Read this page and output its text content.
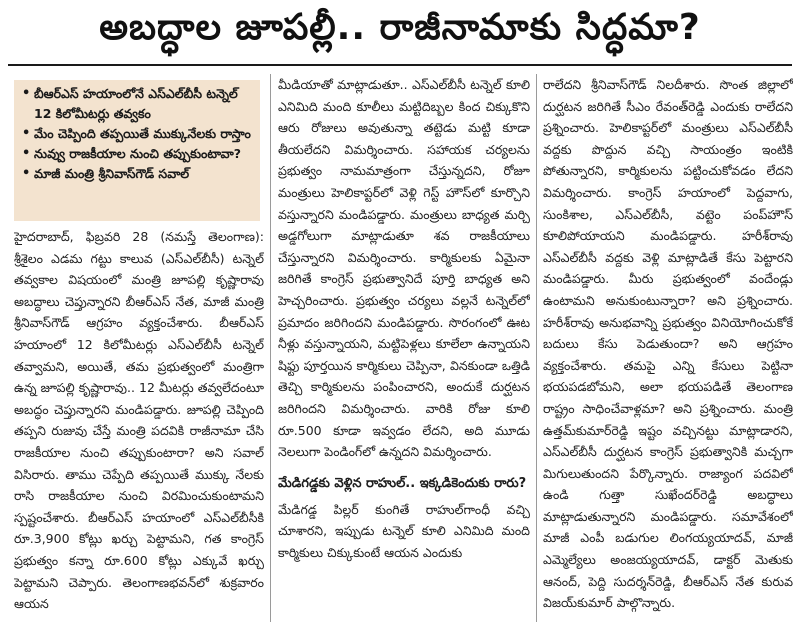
అబద్ధాల జూపల్లీ.. రాజీనామాకు సిద్ధమా?
• బీఆర్‌ఎస్ హయాంలోనే ఎస్‌ఎల్‌బీసీ టన్నెల్ 12 కిలోమీటర్లు తవ్వకం
• మేం చెప్పింది తప్పయితే ముక్కునేలకు రాస్తాం
• నువ్వు రాజకీయాల నుంచి తప్పుకుంటావా?
• మాజీ మంత్రి శ్రీనివాస్‌గౌడ్ సవాల్

హైదరాబాద్, ఫిబ్రవరి 28 (నమస్తే తెలంగాణ): శ్రీశైలం ఎడమ గట్టు కాలువ (ఎస్‌ఎల్‌బీసీ) టన్నెల్ తవ్వకాల విషయంలో మంత్రి జూపల్లి కృష్ణారావు అబద్ధాలు చెప్తున్నారని బీఆర్‌ఎస్ నేత, మాజీ మంత్రి శ్రీనివాస్‌గౌడ్ ఆగ్రహం వ్యక్తంచేశారు. బీఆర్‌ఎస్ హయాంలో 12 కిలోమీటర్లు ఎస్‌ఎల్‌బీసీ టన్నెల్ తవ్వామని, అయితే, తమ ప్రభుత్వంలో మంత్రిగా ఉన్న జూపల్లి కృష్ణారావు.. 12 మీటర్లు తవ్వలేదంటూ అబద్ధం చెప్తున్నారని మండిపడ్డారు. జూపల్లి చెప్పింది తప్పని రుజువు చేస్తే మంత్రి పదవికి రాజీనామా చేసి రాజకీయాల నుంచి తప్పుకుంటారా? అని సవాల్ విసిరారు. తాము చెప్పేది తప్పయితే ముక్కు నేలకు రాసి రాజకీయాల నుంచి విరమించుకుంటామని స్పష్టంచేశారు. బీఆర్‌ఎస్ హయాంలో ఎస్‌ఎల్‌బీసీకి రూ.3,900 కోట్లు ఖర్చు పెట్టామని, గత కాంగ్రెస్ ప్రభుత్వం కన్నా రూ.600 కోట్లు ఎక్కువే ఖర్చు పెట్టామని చెప్పారు. తెలంగాణభవన్‌లో శుక్రవారం ఆయన

మీడియాతో మాట్లాడుతూ.. ఎస్‌ఎల్‌బీసీ టన్నెల్ కూలి ఎనిమిది మంది కూలీలు మట్టిదిబ్బల కింద చిక్కుకొని ఆరు రోజులు అవుతున్నా తట్టెడు మట్టి కూడా తీయలేదని విమర్శించారు. సహాయక చర్యలను ప్రభుత్వం నామమాత్రంగా చేస్తున్నదని, రోజూ మంత్రులు హెలికాప్టర్‌లో వెళ్లి గెస్ట్ హౌస్‌లో కూర్చొని వస్తున్నారని మండిపడ్డారు. మంత్రులు బాధ్యత మర్చి అడ్డగోలుగా మాట్లాడుతూ శవ రాజకీయాలు చేస్తున్నారని విమర్శించారు. కార్మికులకు ఏమైనా జరిగితే కాంగ్రెస్ ప్రభుత్వానిదే పూర్తి బాధ్యత అని హెచ్చరించారు. ప్రభుత్వం చర్యలు వల్లనే టన్నెల్‌లో ప్రమాదం జరిగిందని మండిపడ్డారు. సొరంగంలో ఊట నీళ్లు వస్తున్నాయని, మట్టిపెళ్లలు కూలేలా ఉన్నాయని షిఫ్టు పూర్తయిన కార్మికులు చెప్పినా, వినకుండా ఒత్తిడి తెచ్చి కార్మికులను పంపించారని, అందుకే దుర్ఘటన జరిగిందని విమర్శించారు. వారికి రోజు కూలి రూ.500 కూడా ఇవ్వడం లేదని, అది మూడు నెలలుగా పెండింగ్‌లో ఉన్నదని విమర్శించారు.

మేడిగడ్డకు వెళ్లిన రాహుల్.. ఇక్కడికెందుకు రారు?

మేడిగడ్డ పిల్లర్ కుంగితే రాహుల్‌గాంధీ వచ్చి చూశారని, ఇప్పుడు టన్నెల్ కూలి ఎనిమిది మంది కార్మికులు చిక్కుకుంటే ఆయన ఎందుకు

రాలేదని శ్రీనివాస్‌గౌడ్ నిలదీశారు. సొంత జిల్లాలో దుర్ఘటన జరిగితే సీఎం రేవంత్‌రెడ్డి ఎందుకు రాలేదని ప్రశ్నించారు. హెలికాప్టర్‌లో మంత్రులు ఎస్‌ఎల్‌బీసీ వద్దకు పొద్దున వచ్చి సాయంత్రం ఇంటికి పోతున్నారని, కార్మికులను పట్టించుకోవడం లేదని విమర్శించారు. కాంగ్రెస్ హయాంలో పెద్దవాగు, సుంకిశాల, ఎస్‌ఎల్‌బీసీ, వట్టెం పంప్‌హౌస్ కూలిపోయాయని మండిపడ్డారు. హరీశ్‌రావు ఎస్‌ఎల్‌బీసీ వద్దకు వెళ్లి మాట్లాడితే కేసు పెట్టారని మండిపడ్డారు. మీరు ప్రభుత్వంలో వందేండ్లు ఉంటామని అనుకుంటున్నారా? అని ప్రశ్నించారు. హరీశ్‌రావు అనుభవాన్ని ప్రభుత్వం వినియోగించుకోకే బదులు కేసు పెడుతుందా? అని ఆగ్రహం వ్యక్తంచేశారు. తమపై ఎన్ని కేసులు పెట్టినా భయపడబోమని, అలా భయపడితే తెలంగాణ రాష్ట్రం సాధించేవాళ్లమా? అని ప్రశ్నించారు. మంత్రి ఉత్తమ్‌కుమార్‌రెడ్డి ఇష్టం వచ్చినట్టు మాట్లాడారని, ఎస్‌ఎల్‌బీసీ దుర్ఘటన కాంగ్రెస్ ప్రభుత్వానికి మచ్చగా మిగులుతుందని పేర్కొన్నారు. రాజ్యాంగ పదవిలో ఉండి గుత్తా సుఖేందర్‌రెడ్డి అబద్ధాలు మాట్లాడుతున్నారని మండిపడ్డారు. సమావేశంలో మాజీ ఎంపీ బడుగుల లింగయ్యయాదవ్, మాజీ ఎమ్మెల్యేలు అంజయ్యయాదవ్, డాక్టర్ మెతుకు ఆనంద్, పెద్ది సుదర్శన్‌రెడ్డి, బీఆర్‌ఎస్ నేత కురువ విజయ్‌కుమార్ పాల్గొన్నారు.
